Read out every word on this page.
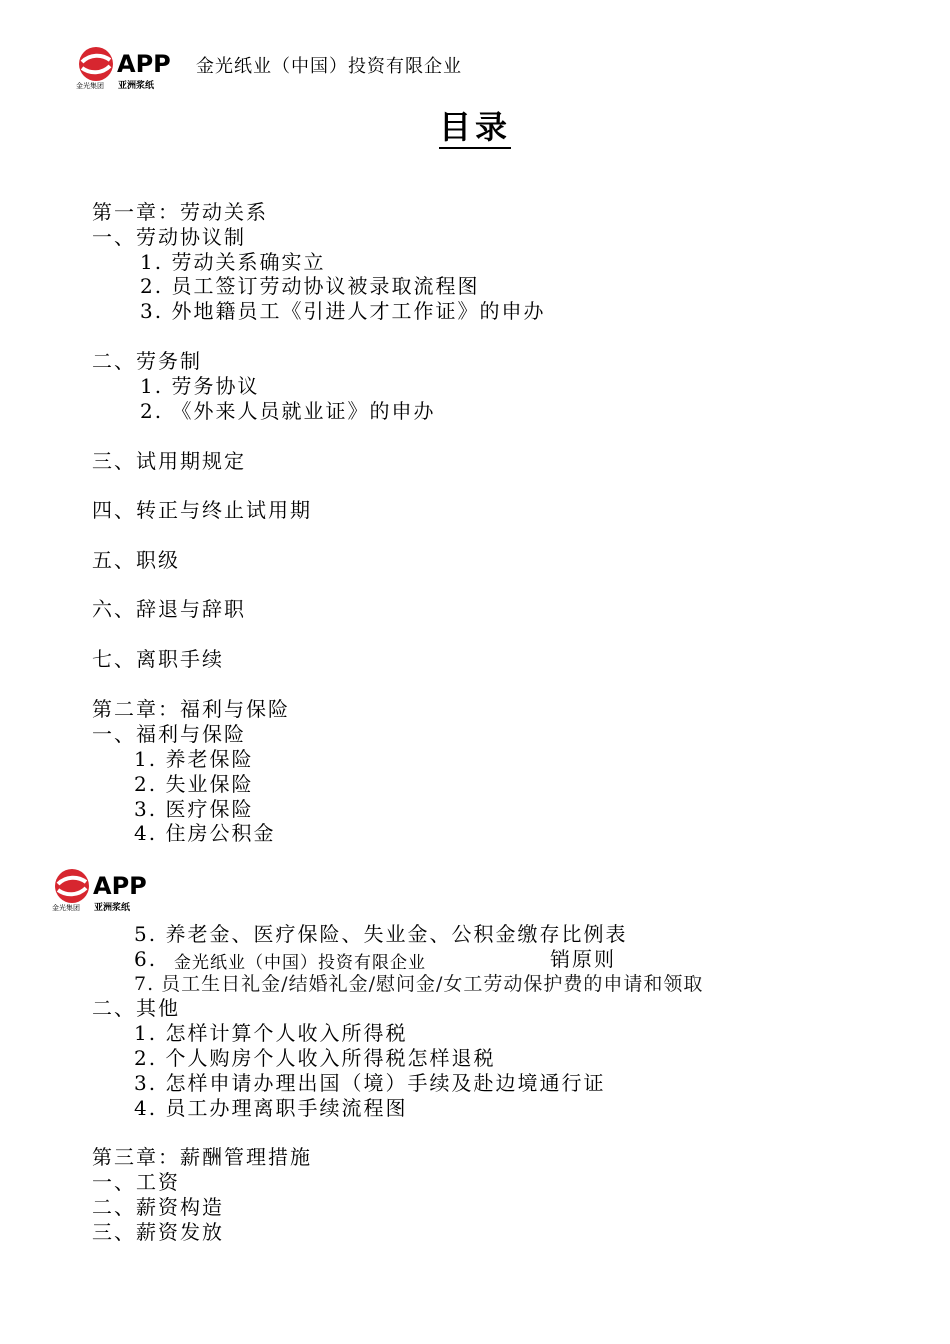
APP
金光集团 亚洲浆纸
金光纸业（中国）投资有限企业
目录
第一章：劳动关系
一、劳动协议制
1. 劳动关系确实立
2. 员工签订劳动协议被录取流程图
3. 外地籍员工《引进人才工作证》的申办
二、劳务制
1. 劳务协议
2. 《外来人员就业证》的申办
三、试用期规定
四、转正与终止试用期
五、职级
六、辞退与辞职
七、离职手续
第二章：福利与保险
一、福利与保险
1. 养老保险
2. 失业保险
3. 医疗保险
4. 住房公积金
APP
金光集团 亚洲浆纸
5. 养老金、医疗保险、失业金、公积金缴存比例表
6.	销原则
金光纸业（中国）投资有限企业
7. 员工生日礼金/结婚礼金/慰问金/女工劳动保护费的申请和领取
二、其他
1. 怎样计算个人收入所得税
2. 个人购房个人收入所得税怎样退税
3. 怎样申请办理出国（境）手续及赴边境通行证
4. 员工办理离职手续流程图
第三章：薪酬管理措施
一、工资
二、薪资构造
三、薪资发放
